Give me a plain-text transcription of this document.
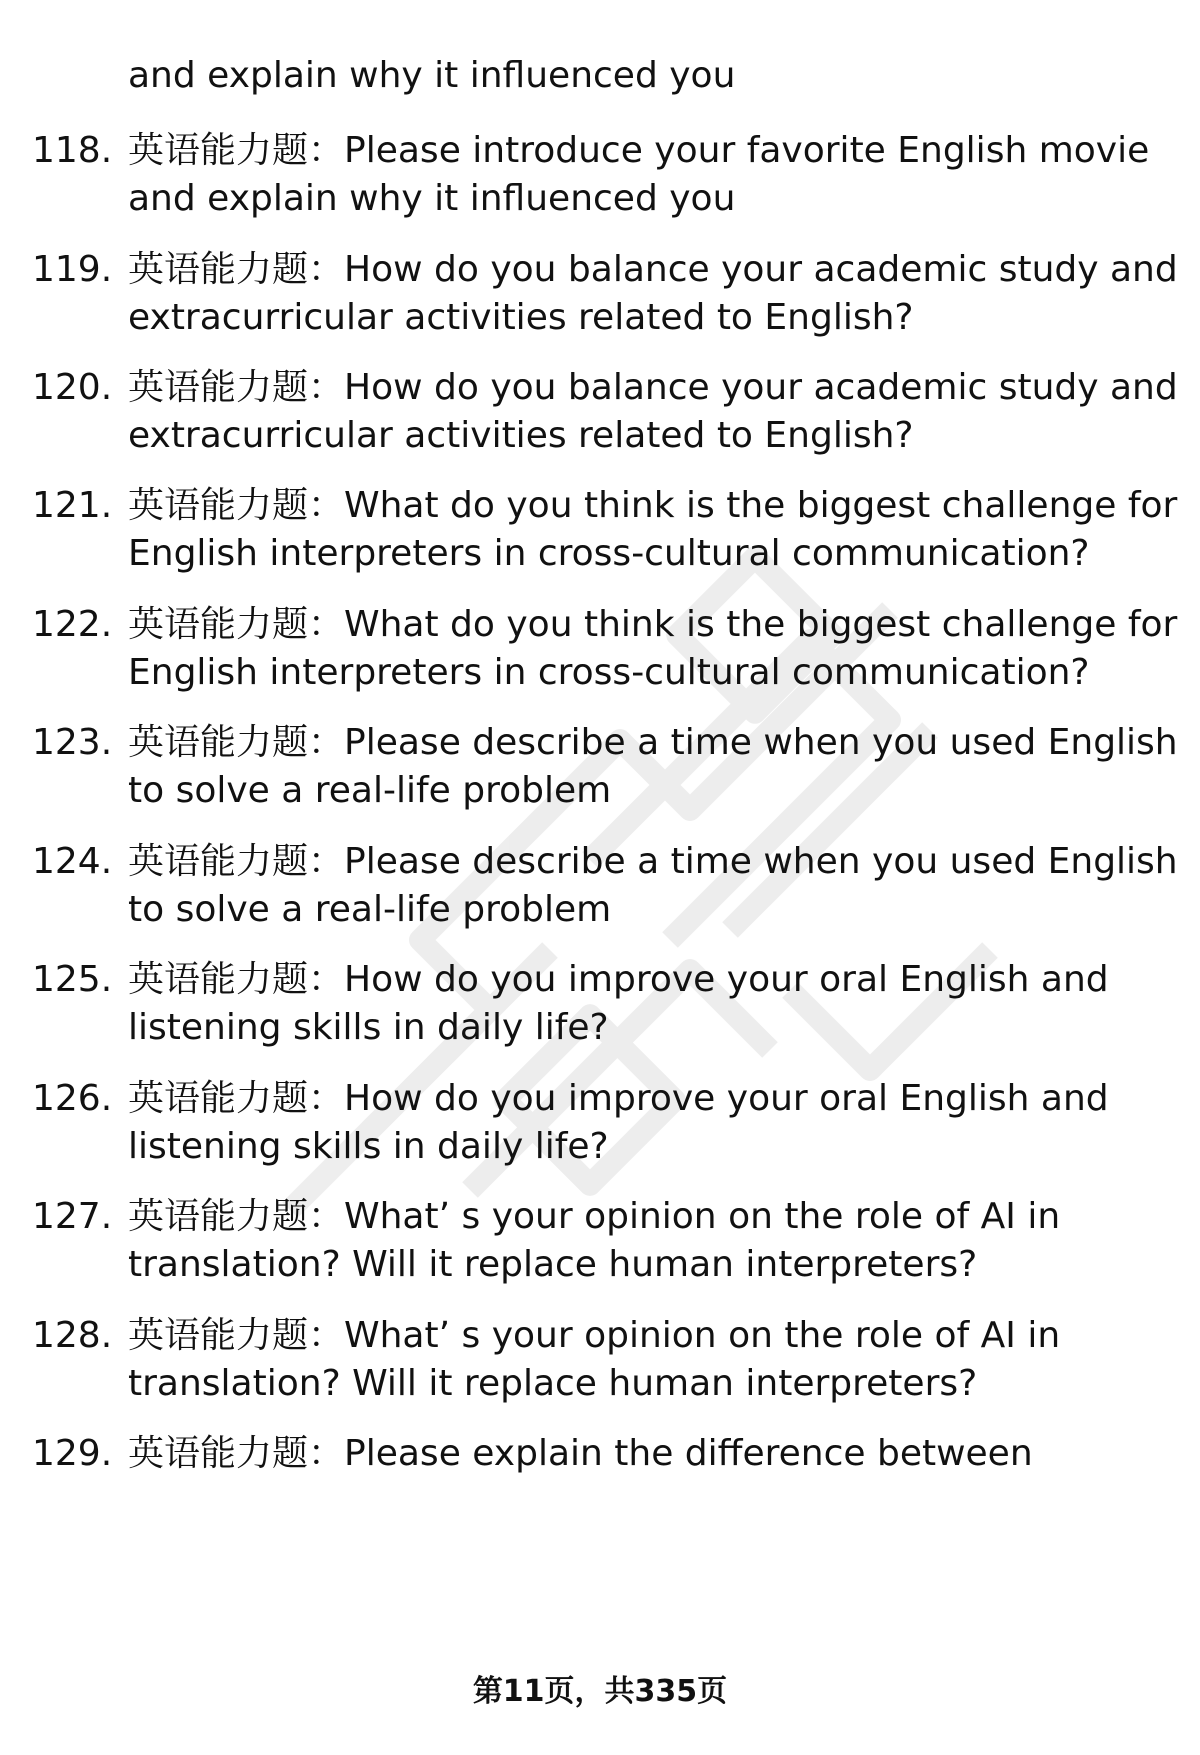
and explain why it influenced you
118. 英语能力题：Please introduce your favorite English movie
and explain why it influenced you
119. 英语能力题：How do you balance your academic study and
extracurricular activities related to English?
120. 英语能力题：How do you balance your academic study and
extracurricular activities related to English?
121. 英语能力题：What do you think is the biggest challenge for
English interpreters in cross-cultural communication?
122. 英语能力题：What do you think is the biggest challenge for
English interpreters in cross-cultural communication?
123. 英语能力题：Please describe a time when you used English
to solve a real-life problem
124. 英语能力题：Please describe a time when you used English
to solve a real-life problem
125. 英语能力题：How do you improve your oral English and
listening skills in daily life?
126. 英语能力题：How do you improve your oral English and
listening skills in daily life?
127. 英语能力题：What’ s your opinion on the role of AI in
translation? Will it replace human interpreters?
128. 英语能力题：What’ s your opinion on the role of AI in
translation? Will it replace human interpreters?
129. 英语能力题：Please explain the difference between
第11页，共335页
